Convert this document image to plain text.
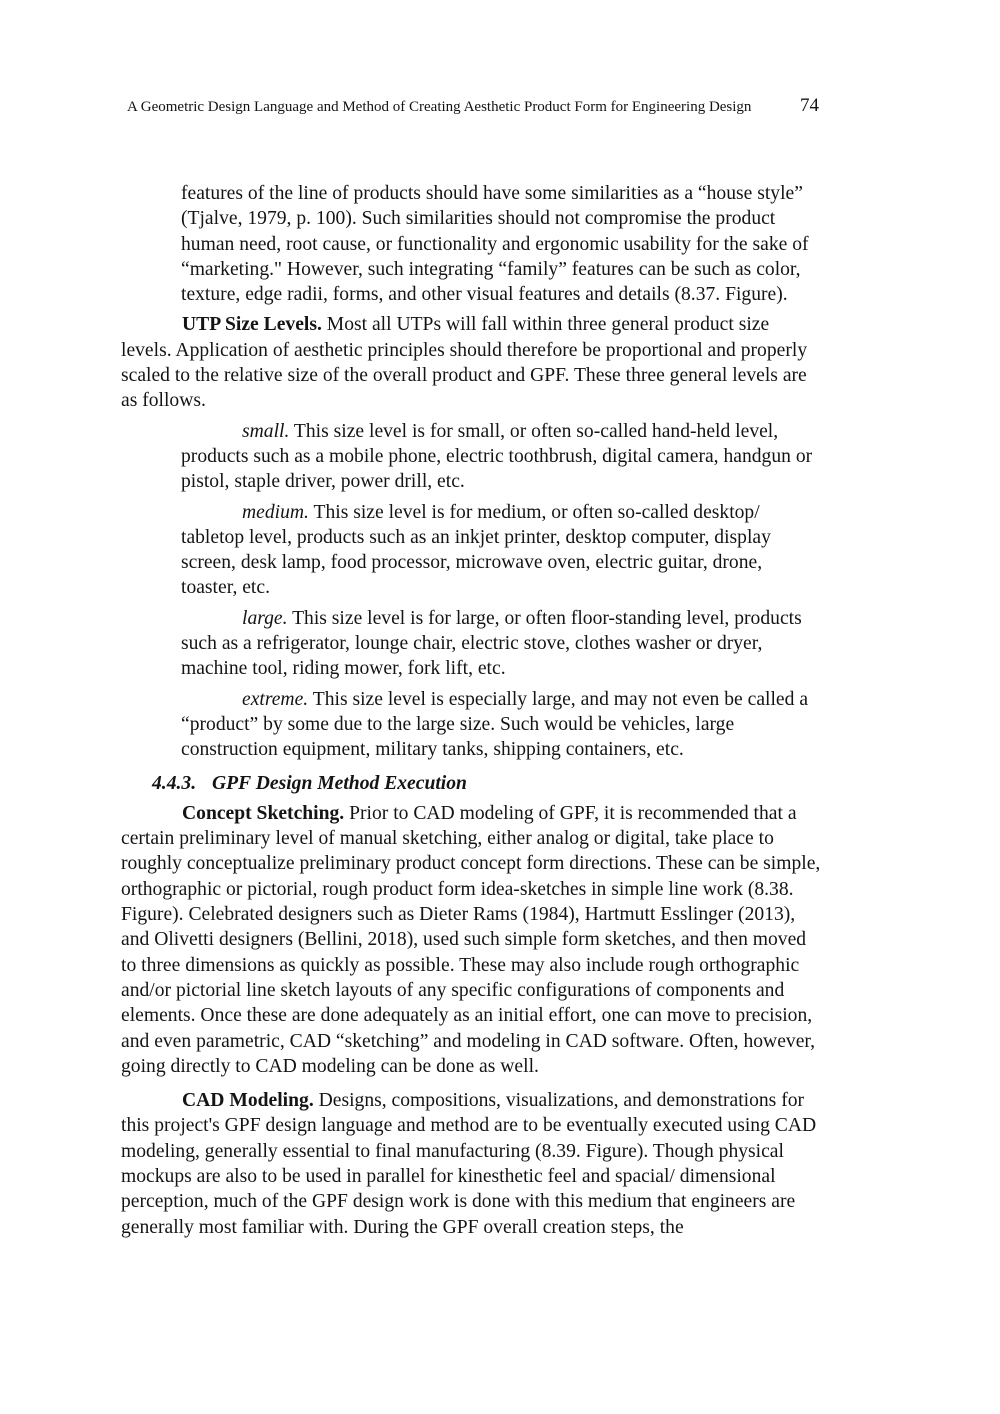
A Geometric Design Language and Method of Creating Aesthetic Product Form for Engineering Design	74

features of the line of products should have some similarities as a “house style” (Tjalve, 1979, p. 100). Such similarities should not compromise the product human need, root cause, or functionality and ergonomic usability for the sake of “marketing." However, such integrating “family” features can be such as color, texture, edge radii, forms, and other visual features and details (8.37. Figure).

UTP Size Levels. Most all UTPs will fall within three general product size levels. Application of aesthetic principles should therefore be proportional and properly scaled to the relative size of the overall product and GPF. These three general levels are as follows.

small. This size level is for small, or often so-called hand-held level, products such as a mobile phone, electric toothbrush, digital camera, handgun or pistol, staple driver, power drill, etc.

medium. This size level is for medium, or often so-called desktop/ tabletop level, products such as an inkjet printer, desktop computer, display screen, desk lamp, food processor, microwave oven, electric guitar, drone, toaster, etc.

large. This size level is for large, or often floor-standing level, products such as a refrigerator, lounge chair, electric stove, clothes washer or dryer, machine tool, riding mower, fork lift, etc.

extreme. This size level is especially large, and may not even be called a “product” by some due to the large size. Such would be vehicles, large construction equipment, military tanks, shipping containers, etc.

4.4.3. GPF Design Method Execution

Concept Sketching. Prior to CAD modeling of GPF, it is recommended that a certain preliminary level of manual sketching, either analog or digital, take place to roughly conceptualize preliminary product concept form directions. These can be simple, orthographic or pictorial, rough product form idea-sketches in simple line work (8.38. Figure). Celebrated designers such as Dieter Rams (1984), Hartmutt Esslinger (2013), and Olivetti designers (Bellini, 2018), used such simple form sketches, and then moved to three dimensions as quickly as possible. These may also include rough orthographic and/or pictorial line sketch layouts of any specific configurations of components and elements. Once these are done adequately as an initial effort, one can move to precision, and even parametric, CAD “sketching” and modeling in CAD software. Often, however, going directly to CAD modeling can be done as well.

CAD Modeling. Designs, compositions, visualizations, and demonstrations for this project's GPF design language and method are to be eventually executed using CAD modeling, generally essential to final manufacturing (8.39. Figure). Though physical mockups are also to be used in parallel for kinesthetic feel and spacial/ dimensional perception, much of the GPF design work is done with this medium that engineers are generally most familiar with. During the GPF overall creation steps, the
